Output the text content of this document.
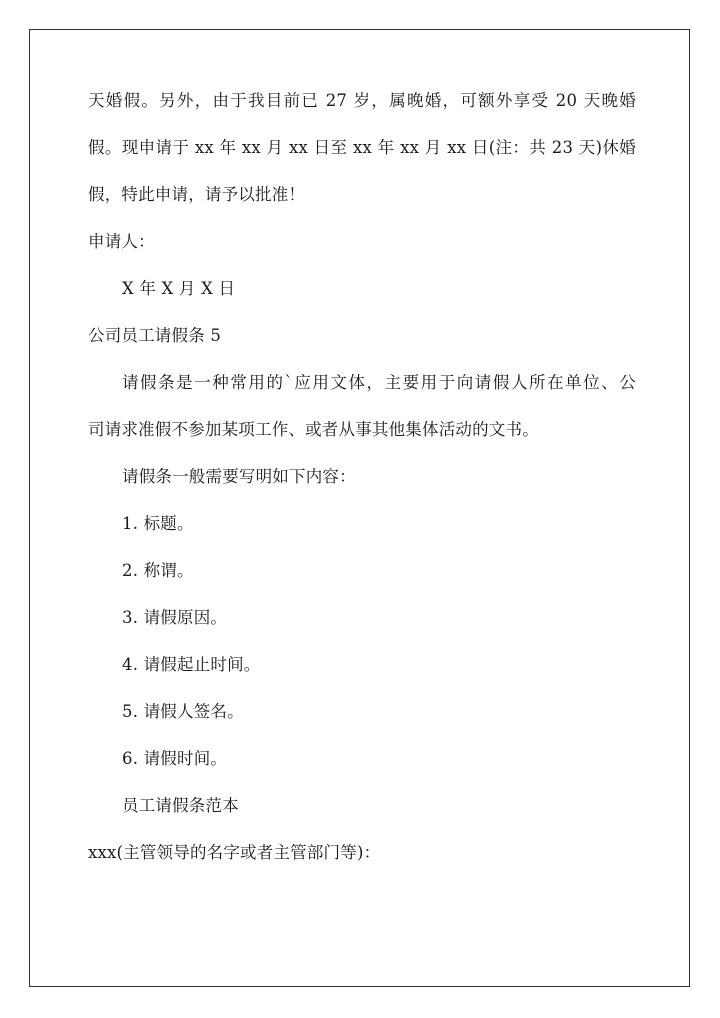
天婚假。另外，由于我目前已 27 岁，属晚婚，可额外享受 20 天晚婚
假。现申请于 xx 年 xx 月 xx 日至 xx 年 xx 月 xx 日(注：共 23 天)休婚
假，特此申请，请予以批准！
申请人：
X 年 X 月 X 日
公司员工请假条 5
请假条是一种常用的`应用文体，主要用于向请假人所在单位、公
司请求准假不参加某项工作、或者从事其他集体活动的文书。
请假条一般需要写明如下内容：
1. 标题。
2. 称谓。
3. 请假原因。
4. 请假起止时间。
5. 请假人签名。
6. 请假时间。
员工请假条范本
xxx(主管领导的名字或者主管部门等)：
